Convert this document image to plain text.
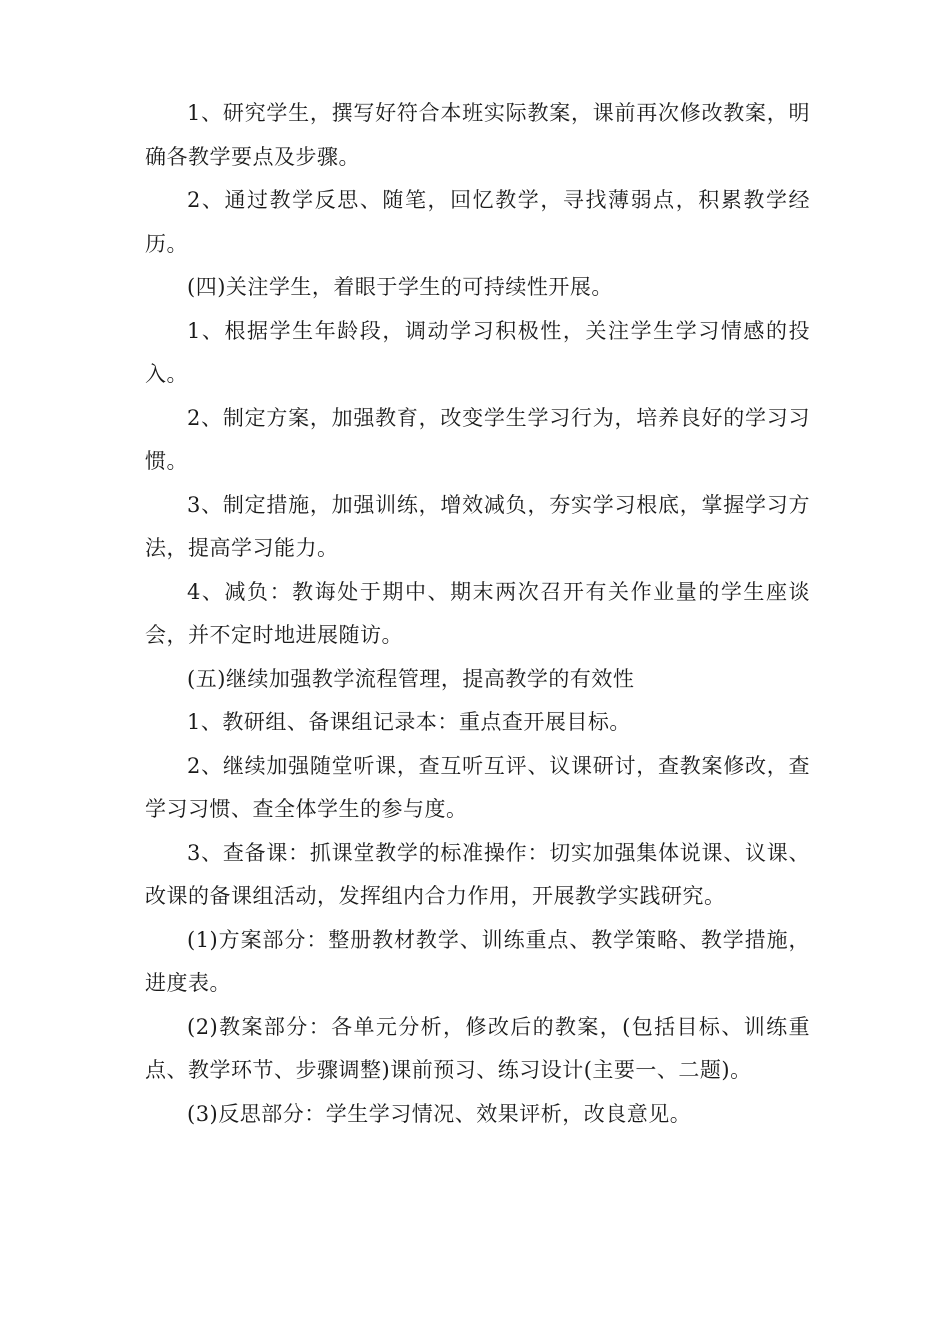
1、研究学生，撰写好符合本班实际教案，课前再次修改教案，明确各教学要点及步骤。

2、通过教学反思、随笔，回忆教学，寻找薄弱点，积累教学经历。

(四)关注学生，着眼于学生的可持续性开展。

1、根据学生年龄段，调动学习积极性，关注学生学习情感的投入。

2、制定方案，加强教育，改变学生学习行为，培养良好的学习习惯。

3、制定措施，加强训练，增效减负，夯实学习根底，掌握学习方法，提高学习能力。

4、减负：教诲处于期中、期末两次召开有关作业量的学生座谈会，并不定时地进展随访。

(五)继续加强教学流程管理，提高教学的有效性

1、教研组、备课组记录本：重点查开展目标。

2、继续加强随堂听课，查互听互评、议课研讨，查教案修改，查学习习惯、查全体学生的参与度。

3、查备课：抓课堂教学的标准操作：切实加强集体说课、议课、改课的备课组活动，发挥组内合力作用，开展教学实践研究。

(1)方案部分：整册教材教学、训练重点、教学策略、教学措施，进度表。

(2)教案部分：各单元分析，修改后的教案，(包括目标、训练重点、教学环节、步骤调整)课前预习、练习设计(主要一、二题)。

(3)反思部分：学生学习情况、效果评析，改良意见。
